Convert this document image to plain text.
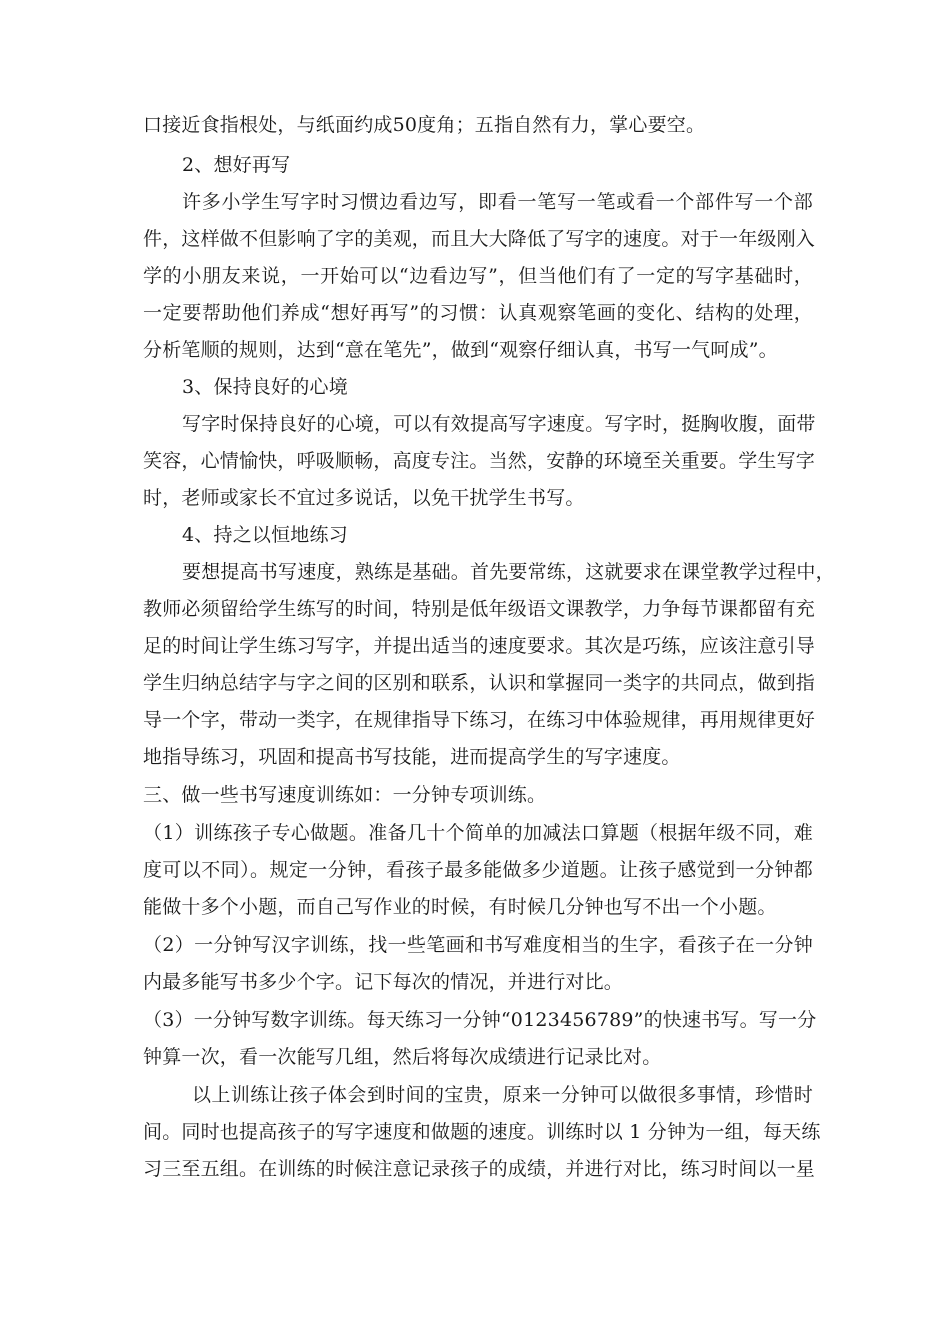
口接近食指根处，与纸面约成50度角；五指自然有力，掌心要空。
2、想好再写
许多小学生写字时习惯边看边写，即看一笔写一笔或看一个部件写一个部
件，这样做不但影响了字的美观，而且大大降低了写字的速度。对于一年级刚入
学的小朋友来说，一开始可以“边看边写”，但当他们有了一定的写字基础时，
一定要帮助他们养成“想好再写”的习惯：认真观察笔画的变化、结构的处理，
分析笔顺的规则，达到“意在笔先”，做到“观察仔细认真，书写一气呵成”。
3、保持良好的心境
写字时保持良好的心境，可以有效提高写字速度。写字时，挺胸收腹，面带
笑容，心情愉快，呼吸顺畅，高度专注。当然，安静的环境至关重要。学生写字
时，老师或家长不宜过多说话，以免干扰学生书写。
4、持之以恒地练习
要想提高书写速度，熟练是基础。首先要常练，这就要求在课堂教学过程中，
教师必须留给学生练写的时间，特别是低年级语文课教学，力争每节课都留有充
足的时间让学生练习写字，并提出适当的速度要求。其次是巧练，应该注意引导
学生归纳总结字与字之间的区别和联系，认识和掌握同一类字的共同点，做到指
导一个字，带动一类字，在规律指导下练习，在练习中体验规律，再用规律更好
地指导练习，巩固和提高书写技能，进而提高学生的写字速度。
三、做一些书写速度训练如：一分钟专项训练。
（1）训练孩子专心做题。准备几十个简单的加减法口算题（根据年级不同，难
度可以不同）。规定一分钟，看孩子最多能做多少道题。让孩子感觉到一分钟都
能做十多个小题，而自己写作业的时候，有时候几分钟也写不出一个小题。
（2）一分钟写汉字训练，找一些笔画和书写难度相当的生字，看孩子在一分钟
内最多能写书多少个字。记下每次的情况，并进行对比。
（3）一分钟写数字训练。每天练习一分钟“0123456789”的快速书写。写一分
钟算一次，看一次能写几组，然后将每次成绩进行记录比对。
以上训练让孩子体会到时间的宝贵，原来一分钟可以做很多事情，珍惜时
间。同时也提高孩子的写字速度和做题的速度。训练时以 1 分钟为一组，每天练
习三至五组。在训练的时候注意记录孩子的成绩，并进行对比，练习时间以一星
